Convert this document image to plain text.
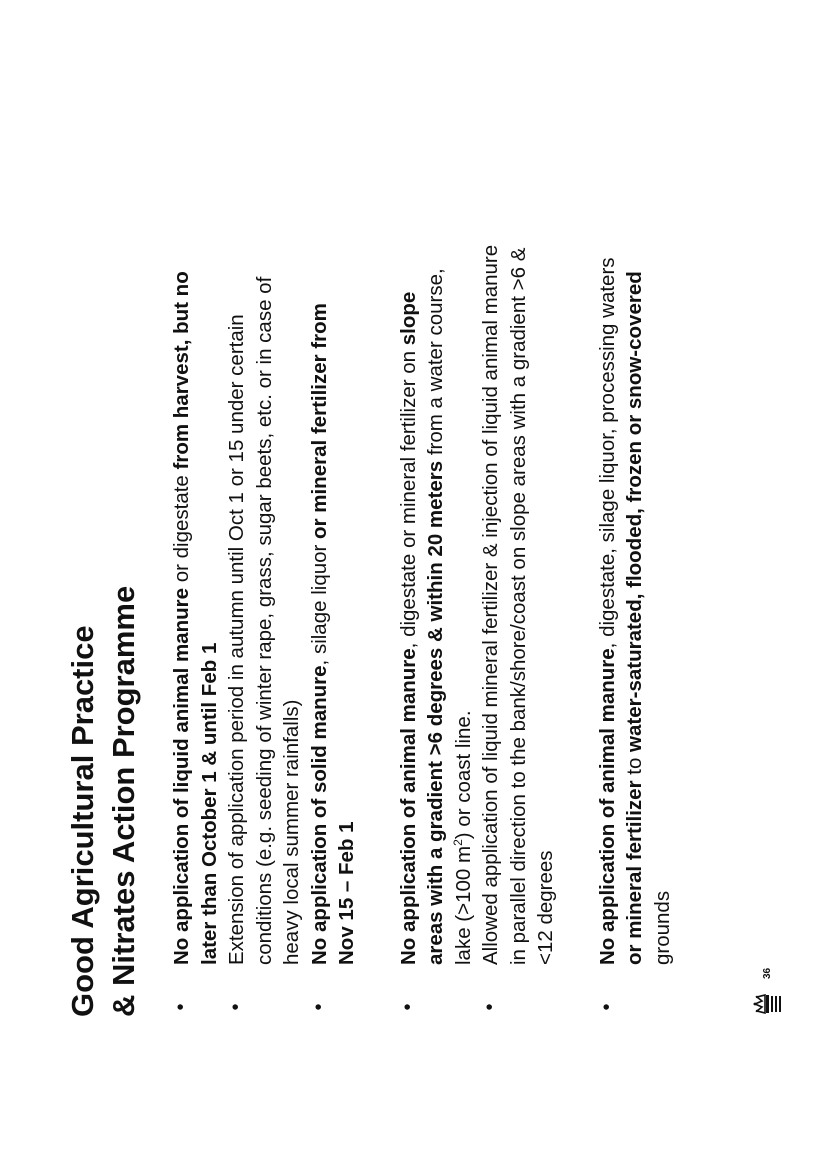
Good Agricultural Practice & Nitrates Action Programme •
No application of liquid animal manure or digestate from harvest, but no
later than October 1 & until Feb 1
•
Extension of application period in autumn until Oct 1 or 15 under certain conditions (e.g. seeding of winter rape, grass, sugar beets, etc. or in case of heavy local summer rainfalls)
•
No application of solid manure, silage liquor or mineral fertilizer from
Nov 15 – Feb 1
•
No application of animal manure, digestate or mineral fertilizer on slope
areas with a gradient >6 degrees & within 20 meters from a water course,
lake (>100 $m^2$) or coast line.
•
Allowed application of liquid mineral fertilizer & injection of liquid animal manure in parallel direction to the bank/shore/coast on slope areas with a gradient >6 & <12 degrees
•
No application of animal manure, digestate, silage liquor, processing waters
or mineral fertilizer to water-saturated, flooded, frozen or snow-covered
grounds
36
